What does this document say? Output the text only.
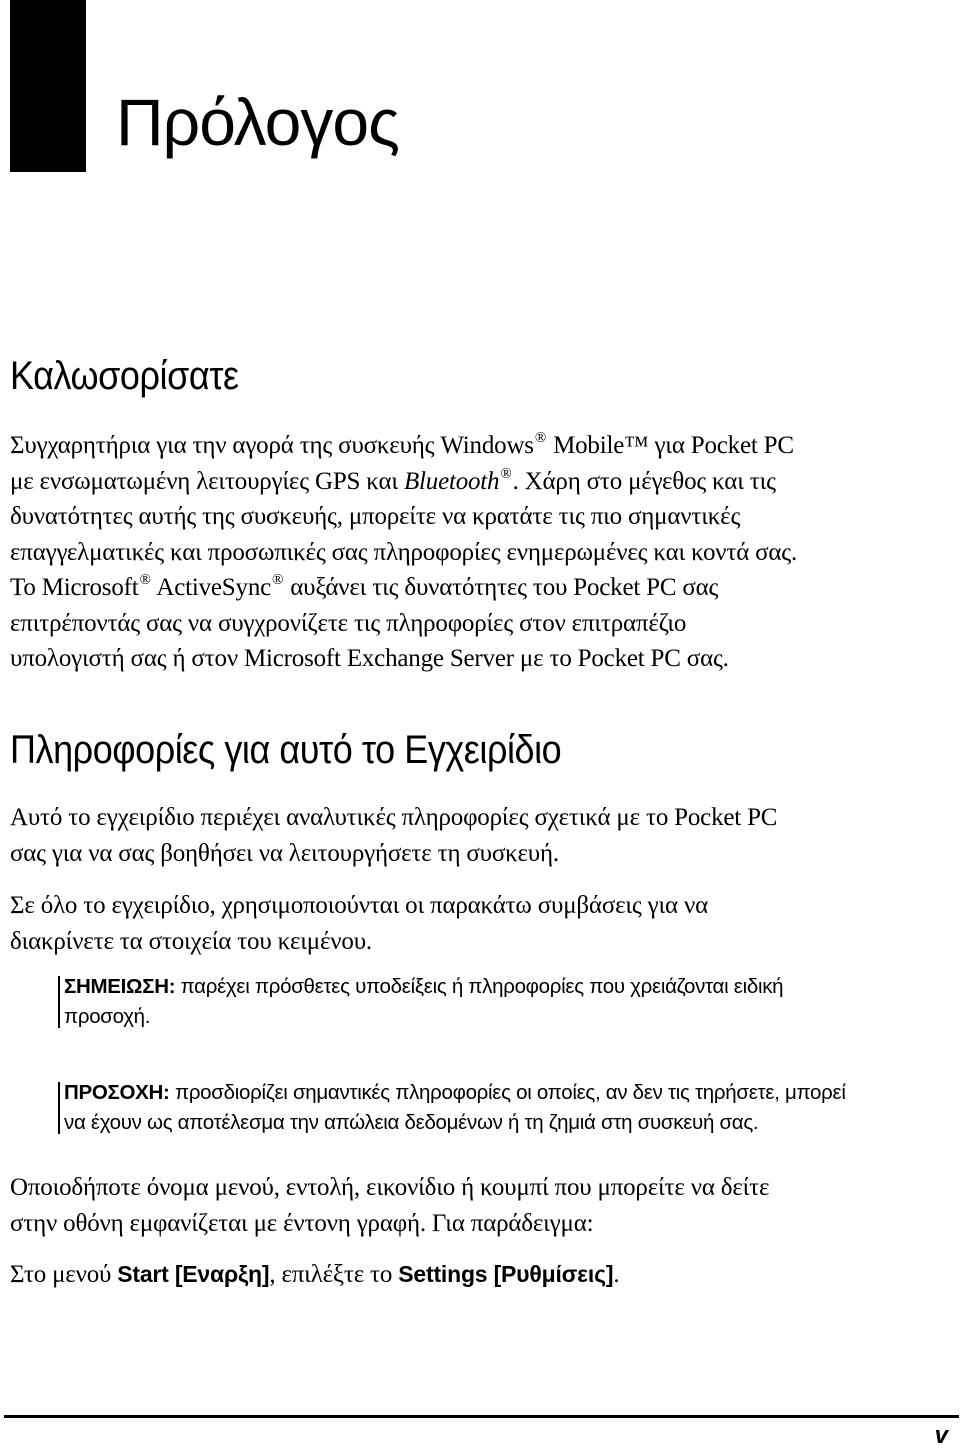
Πρόλογος
Καλωσορίσατε

Συγχαρητήρια για την αγορά της συσκευής Windows® Mobile™ για Pocket PC
με ενσωματωμένη λειτουργίες GPS και Bluetooth®. Χάρη στο μέγεθος και τις
δυνατότητες αυτής της συσκευής, μπορείτε να κρατάτε τις πιο σημαντικές
επαγγελματικές και προσωπικές σας πληροφορίες ενημερωμένες και κοντά σας.
Το Microsoft® ActiveSync® αυξάνει τις δυνατότητες του Pocket PC σας
επιτρέποντάς σας να συγχρονίζετε τις πληροφορίες στον επιτραπέζιο
υπολογιστή σας ή στον Microsoft Exchange Server με το Pocket PC σας.

Πληροφορίες για αυτό το Εγχειρίδιο

Αυτό το εγχειρίδιο περιέχει αναλυτικές πληροφορίες σχετικά με το Pocket PC
σας για να σας βοηθήσει να λειτουργήσετε τη συσκευή.

Σε όλο το εγχειρίδιο, χρησιμοποιούνται οι παρακάτω συμβάσεις για να
διακρίνετε τα στοιχεία του κειμένου.

ΣΗΜΕΙΩΣΗ: παρέχει πρόσθετες υποδείξεις ή πληροφορίες που χρειάζονται ειδική
προσοχή.
ΠΡΟΣΟΧΗ: προσδιορίζει σημαντικές πληροφορίες οι οποίες, αν δεν τις τηρήσετε, μπορεί
να έχουν ως αποτέλεσμα την απώλεια δεδομένων ή τη ζημιά στη συσκευή σας.

Οποιοδήποτε όνομα μενού, εντολή, εικονίδιο ή κουμπί που μπορείτε να δείτε
στην οθόνη εμφανίζεται με έντονη γραφή. Για παράδειγμα:

Στο μενού Start [Εναρξη], επιλέξτε το Settings [Ρυθμίσεις].

v
